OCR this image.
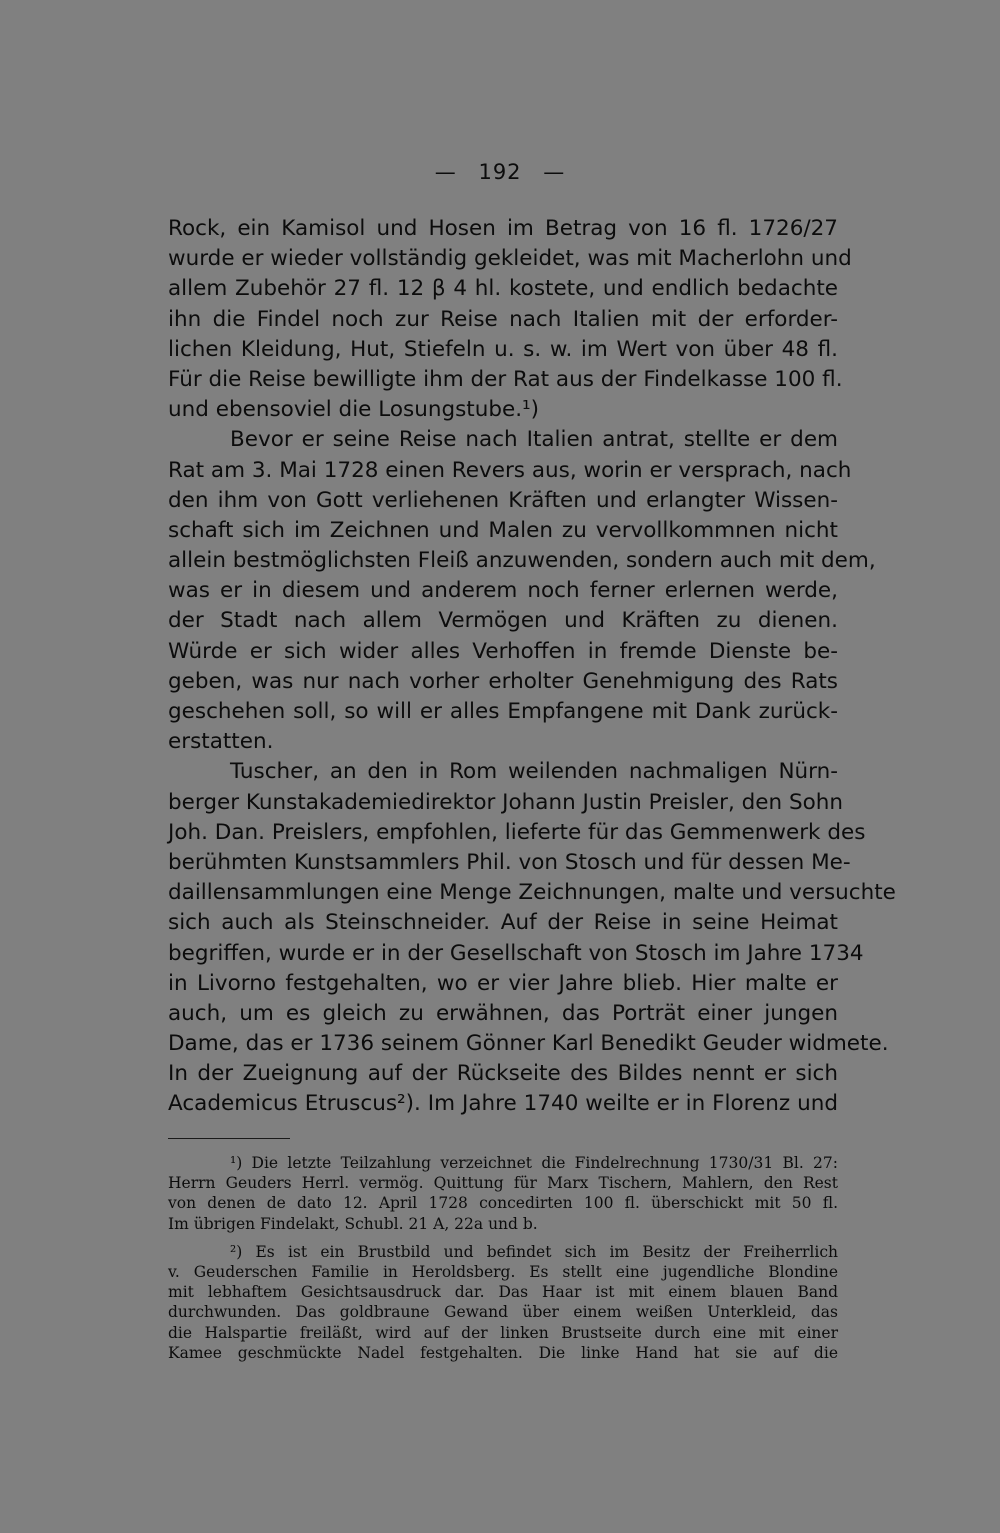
— 192 —
Rock, ein Kamisol und Hosen im Betrag von 16 fl. 1726/27
wurde er wieder vollständig gekleidet, was mit Macherlohn und
allem Zubehör 27 fl. 12 β 4 hl. kostete, und endlich bedachte
ihn die Findel noch zur Reise nach Italien mit der erforder-
lichen Kleidung, Hut, Stiefeln u. s. w. im Wert von über 48 fl.
Für die Reise bewilligte ihm der Rat aus der Findelkasse 100 fl.
und ebensoviel die Losungstube.¹)
Bevor er seine Reise nach Italien antrat, stellte er dem
Rat am 3. Mai 1728 einen Revers aus, worin er versprach, nach
den ihm von Gott verliehenen Kräften und erlangter Wissen-
schaft sich im Zeichnen und Malen zu vervollkommnen nicht
allein bestmöglichsten Fleiß anzuwenden, sondern auch mit dem,
was er in diesem und anderem noch ferner erlernen werde,
der Stadt nach allem Vermögen und Kräften zu dienen.
Würde er sich wider alles Verhoffen in fremde Dienste be-
geben, was nur nach vorher erholter Genehmigung des Rats
geschehen soll, so will er alles Empfangene mit Dank zurück-
erstatten.
Tuscher, an den in Rom weilenden nachmaligen Nürn-
berger Kunstakademiedirektor Johann Justin Preisler, den Sohn
Joh. Dan. Preislers, empfohlen, lieferte für das Gemmenwerk des
berühmten Kunstsammlers Phil. von Stosch und für dessen Me-
daillensammlungen eine Menge Zeichnungen, malte und versuchte
sich auch als Steinschneider. Auf der Reise in seine Heimat
begriffen, wurde er in der Gesellschaft von Stosch im Jahre 1734
in Livorno festgehalten, wo er vier Jahre blieb. Hier malte er
auch, um es gleich zu erwähnen, das Porträt einer jungen
Dame, das er 1736 seinem Gönner Karl Benedikt Geuder widmete.
In der Zueignung auf der Rückseite des Bildes nennt er sich
Academicus Etruscus²). Im Jahre 1740 weilte er in Florenz und
¹) Die letzte Teilzahlung verzeichnet die Findelrechnung 1730/31 Bl. 27:
Herrn Geuders Herrl. vermög. Quittung für Marx Tischern, Mahlern, den Rest
von denen de dato 12. April 1728 concedirten 100 fl. überschickt mit 50 fl.
Im übrigen Findelakt, Schubl. 21 A, 22a und b.
²) Es ist ein Brustbild und befindet sich im Besitz der Freiherrlich
v. Geuderschen Familie in Heroldsberg. Es stellt eine jugendliche Blondine
mit lebhaftem Gesichtsausdruck dar. Das Haar ist mit einem blauen Band
durchwunden. Das goldbraune Gewand über einem weißen Unterkleid, das
die Halspartie freiläßt, wird auf der linken Brustseite durch eine mit einer
Kamee geschmückte Nadel festgehalten. Die linke Hand hat sie auf die
